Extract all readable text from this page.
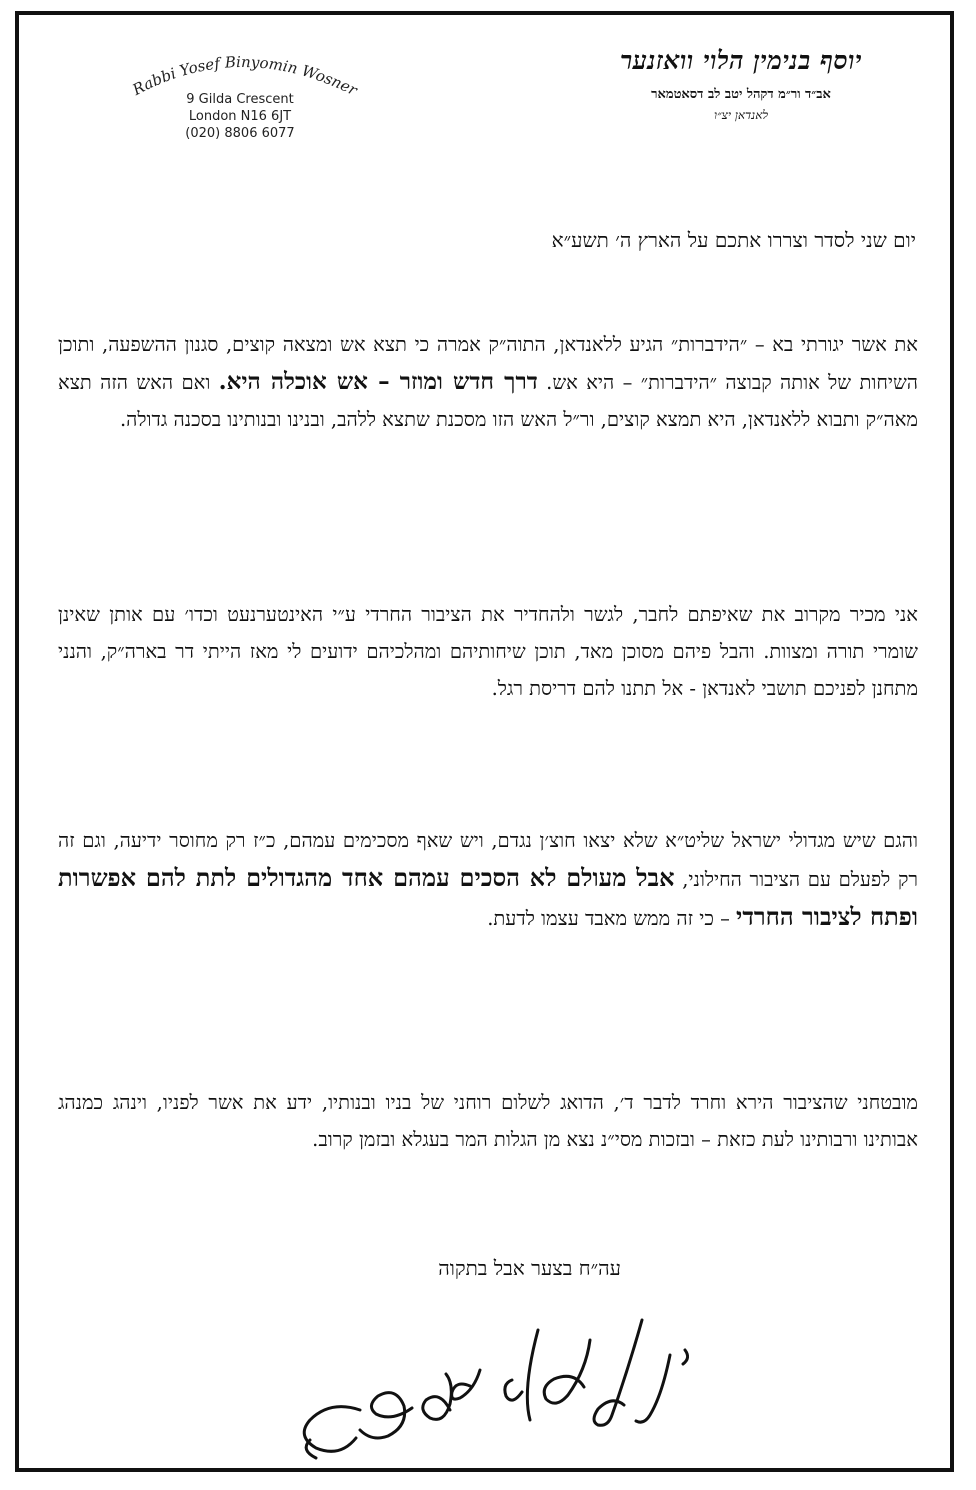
Rabbi Yosef Binyomin Wosner
9 Gilda Crescent
London N16 6JT
(020) 8806 6077
יוסף בנימין הלוי וואזנער
אב״ד ור״מ דקהל יטב לב דסאטמאר
לאנדאן יצ״ו
יום שני לסדר וצררו אתכם על הארץ ה׳ תשע״א
את אשר יגורתי בא – ״הידברות״ הגיע ללאנדאן, התוה״ק אמרה כי תצא אש ומצאה קוצים, סגנון ההשפעה, ותוכן השיחות של אותה קבוצה ״הידברות״ – היא אש. דרך חדש ומוזר – אש אוכלה היא. ואם האש הזה תצא מאה״ק ותבוא ללאנדאן, היא תמצא קוצים, ור״ל האש הזו מסכנת שתצא ללהב, ובנינו ובנותינו בסכנה גדולה.
אני מכיר מקרוב את שאיפתם לחבר, לגשר ולהחדיר את הציבור החרדי ע״י האינטערנעט וכדו׳ עם אותן שאינן שומרי תורה ומצוות. והבל פיהם מסוכן מאד, תוכן שיחותיהם ומהלכיהם ידועים לי מאז הייתי דר בארה״ק, והנני מתחנן לפניכם תושבי לאנדאן - אל תתנו להם דריסת רגל.
והגם שיש מגדולי ישראל שליט״א שלא יצאו חוצ׳ן נגדם, ויש שאף מסכימים עמהם, כ״ז רק מחוסר ידיעה, וגם זה רק לפעלם עם הציבור החילוני, אבל מעולם לא הסכים עמהם אחד מהגדולים לתת להם אפשרות ופתח לציבור החרדי – כי זה ממש מאבד עצמו לדעת.
מובטחני שהציבור הירא וחרד לדבר ד׳, הדואג לשלום רוחני של בניו ובנותיו, ידע את אשר לפניו, וינהג כמנהג אבותינו ורבותינו לעת כזאת – ובזכות מסי״נ נצא מן הגלות המר בעגלא ובזמן קרוב.
עה״ח בצער אבל בתקוה
